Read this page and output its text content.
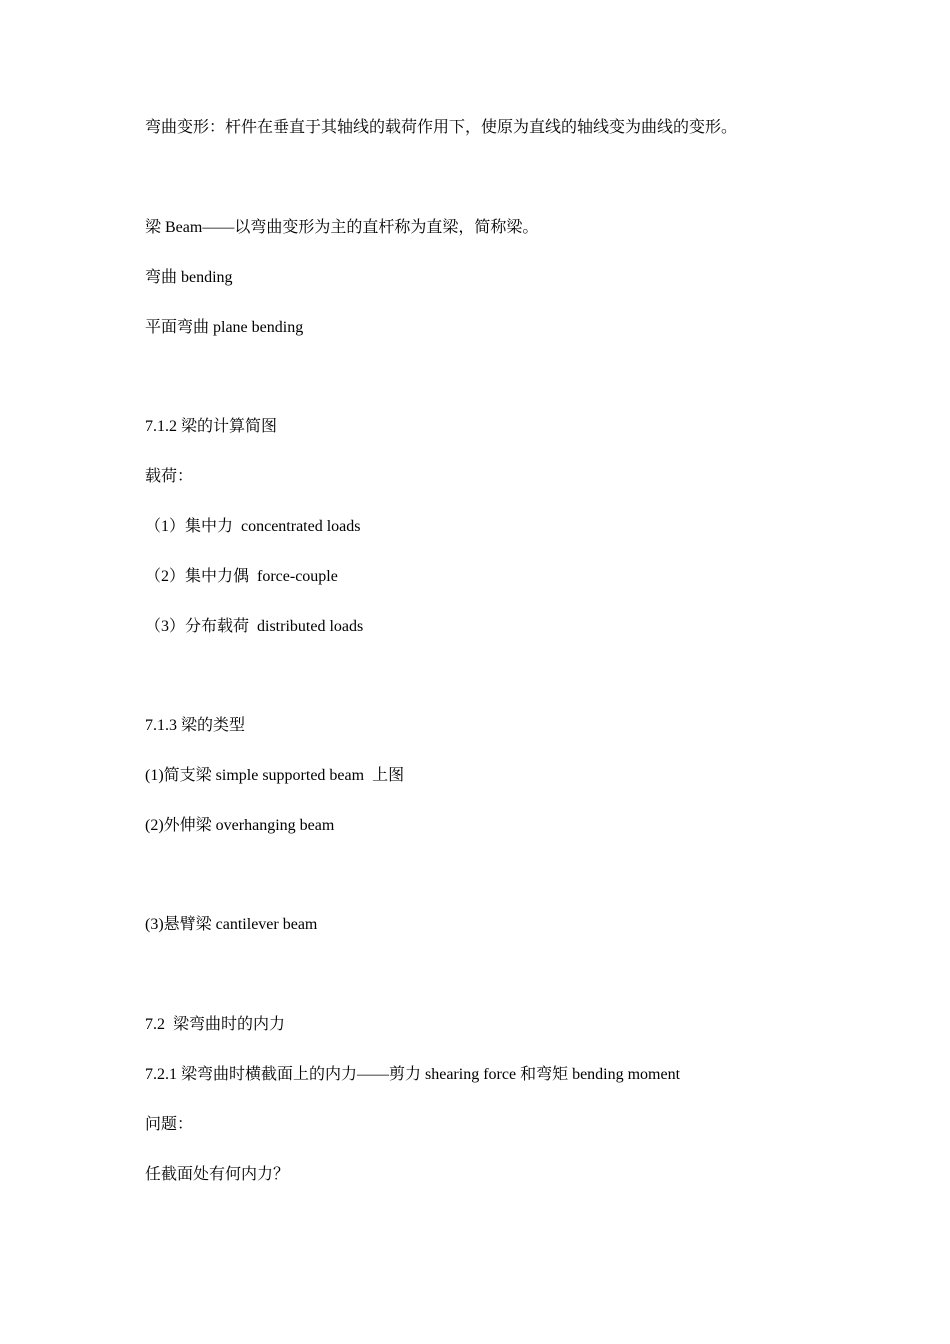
弯曲变形：杆件在垂直于其轴线的载荷作用下，使原为直线的轴线变为曲线的变形。
梁 Beam——以弯曲变形为主的直杆称为直梁，简称梁。
弯曲 bending
平面弯曲 plane bending
7.1.2 梁的计算简图
载荷：
（1）集中力  concentrated loads
（2）集中力偶  force-couple
（3）分布载荷  distributed loads
7.1.3 梁的类型
(1)简支梁 simple supported beam  上图
(2)外伸梁 overhanging beam
(3)悬臂梁 cantilever beam
7.2  梁弯曲时的内力
7.2.1 梁弯曲时横截面上的内力——剪力 shearing force 和弯矩 bending moment
问题：
任截面处有何内力？
